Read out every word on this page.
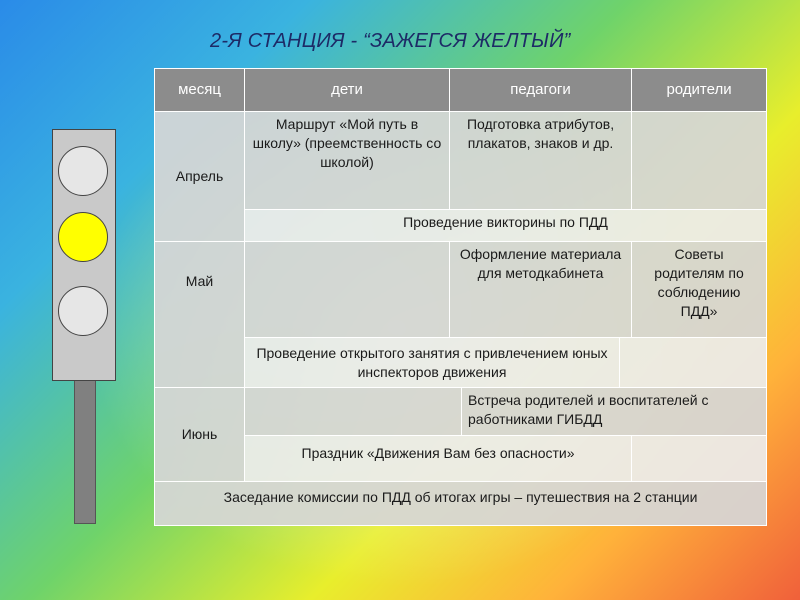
2-Я СТАНЦИЯ - “ЗАЖЕГСЯ ЖЕЛТЫЙ”
месяц	дети	педагоги			родители
Апрель	Маршрут «Мой путь в школу» (преемственность со школой)	Подготовка атрибутов, плакатов, знаков и др.			
	Проведение викторины по ПДД				
Май		Оформление материала для методкабинета			Советы родителям по соблюдению ПДД»
	Проведение открытого занятия с привлечением юных инспекторов движения				
Июнь			Встреча родителей и воспитателей с работниками ГИБДД		
	Праздник «Движения Вам без опасности»				
Заседание комиссии по ПДД об итогах игры – путешествия на 2 станции					
